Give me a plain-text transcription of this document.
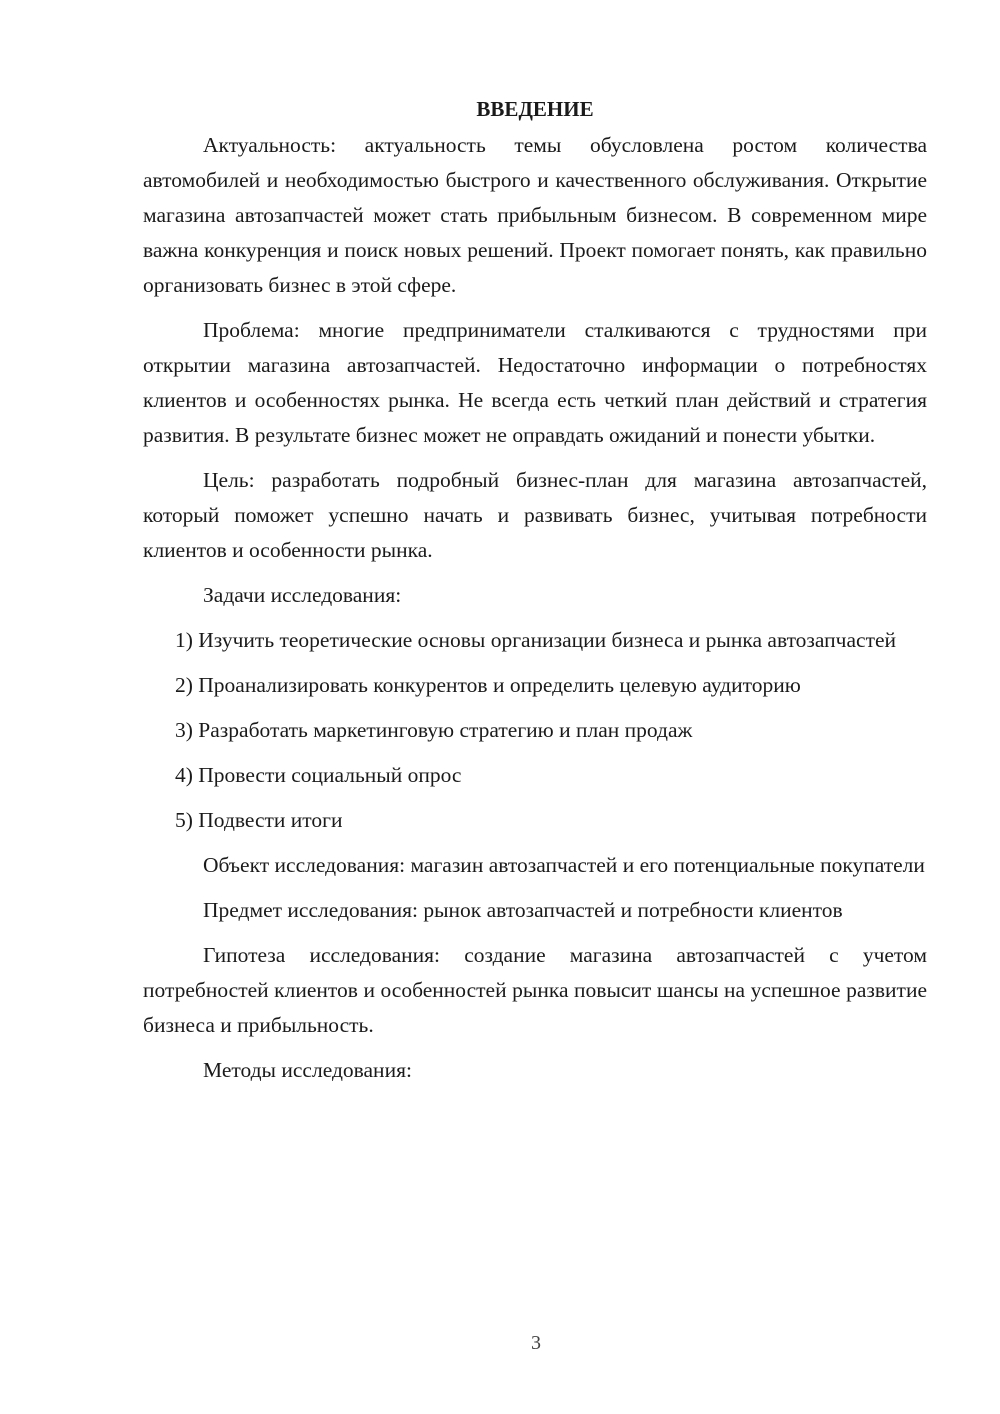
ВВЕДЕНИЕ

Актуальность: актуальность темы обусловлена ростом количества автомобилей и необходимостью быстрого и качественного обслуживания. Открытие магазина автозапчастей может стать прибыльным бизнесом. В современном мире важна конкуренция и поиск новых решений. Проект помогает понять, как правильно организовать бизнес в этой сфере.

Проблема: многие предприниматели сталкиваются с трудностями при открытии магазина автозапчастей. Недостаточно информации о потребностях клиентов и особенностях рынка. Не всегда есть четкий план действий и стратегия развития. В результате бизнес может не оправдать ожиданий и понести убытки.

Цель: разработать подробный бизнес-план для магазина автозапчастей, который поможет успешно начать и развивать бизнес, учитывая потребности клиентов и особенности рынка.

Задачи исследования:

1) Изучить теоретические основы организации бизнеса и рынка автозапчастей
2) Проанализировать конкурентов и определить целевую аудиторию
3) Разработать маркетинговую стратегию и план продаж
4) Провести социальный опрос
5) Подвести итоги

Объект исследования: магазин автозапчастей и его потенциальные покупатели

Предмет исследования: рынок автозапчастей и потребности клиентов

Гипотеза исследования: создание магазина автозапчастей с учетом потребностей клиентов и особенностей рынка повысит шансы на успешное развитие бизнеса и прибыльность.

Методы исследования:

3
